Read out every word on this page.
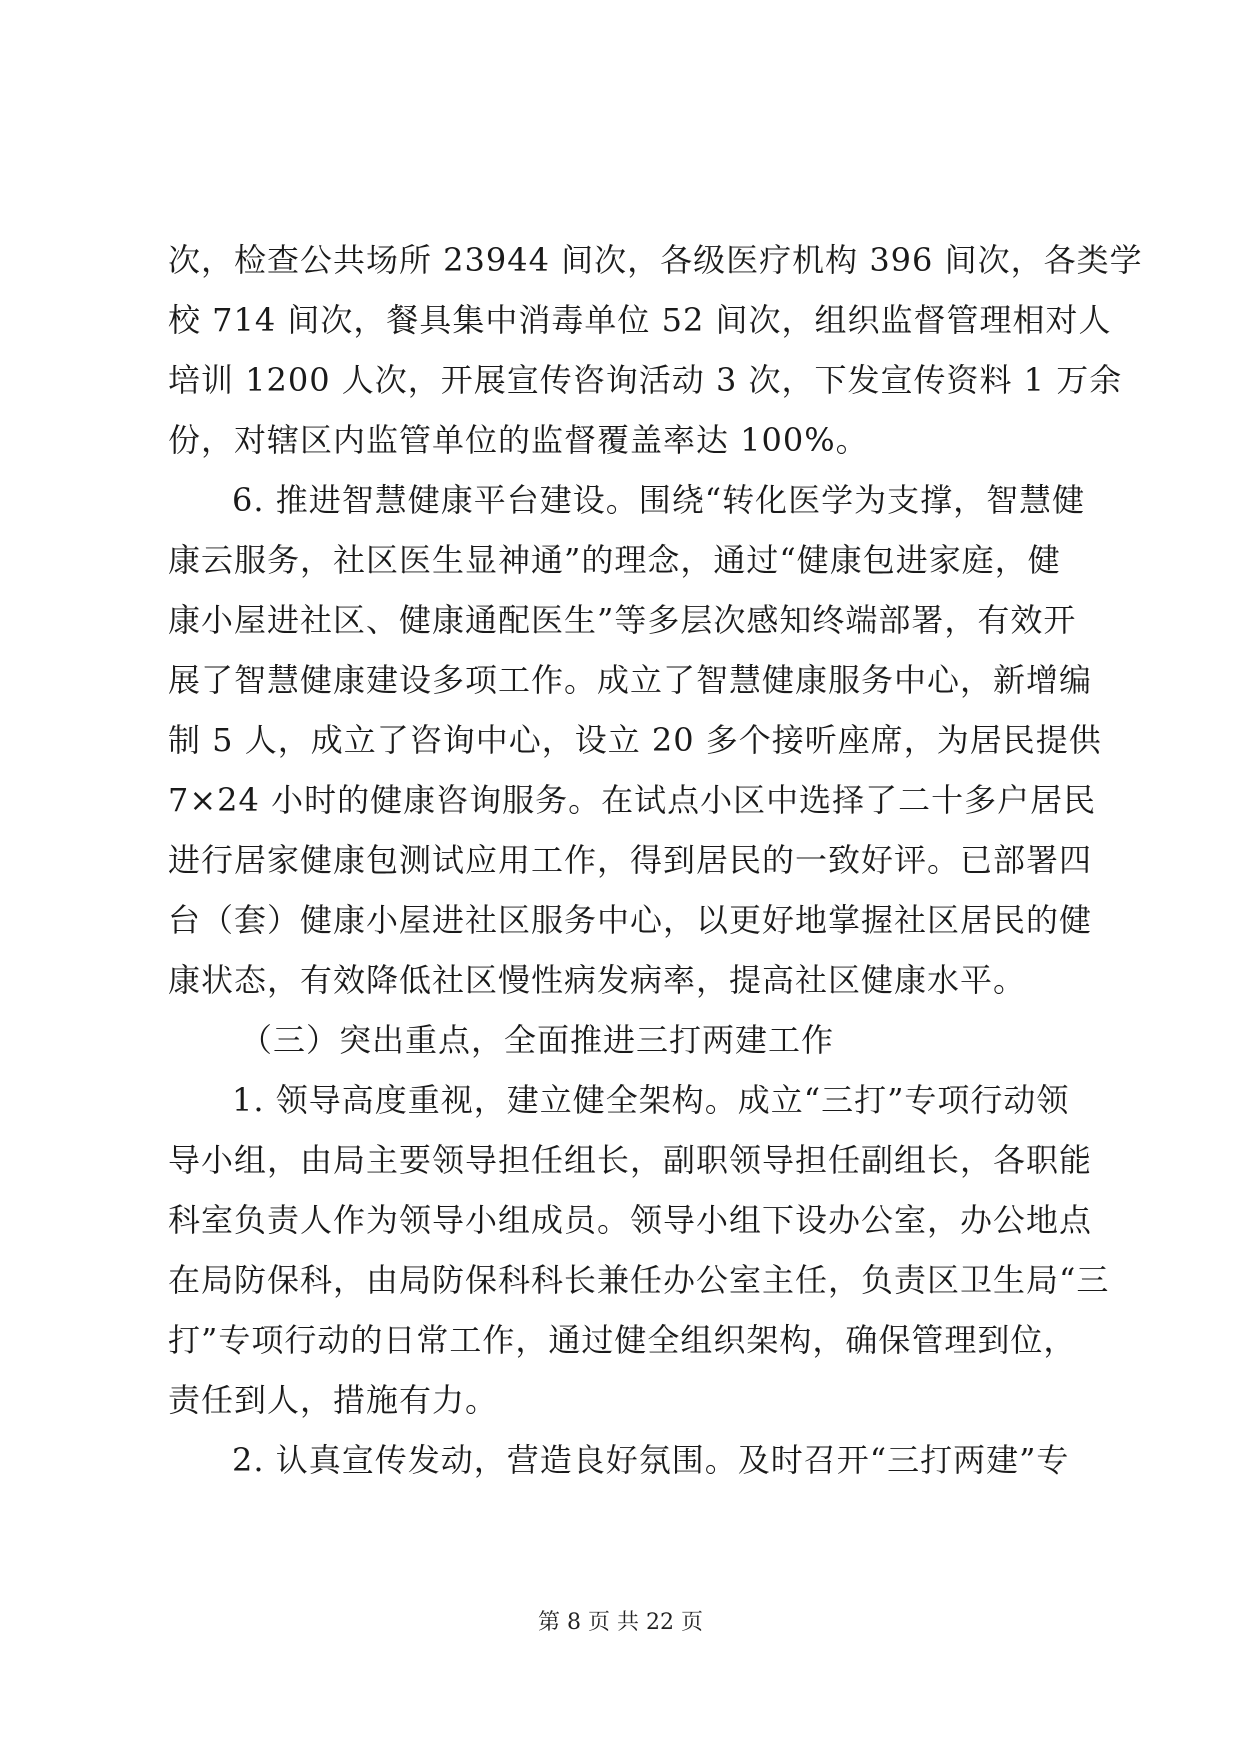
次，检查公共场所 23944 间次，各级医疗机构 396 间次，各类学
校 714 间次，餐具集中消毒单位 52 间次，组织监督管理相对人
培训 1200 人次，开展宣传咨询活动 3 次，下发宣传资料 1 万余
份，对辖区内监管单位的监督覆盖率达 100%。
6. 推进智慧健康平台建设。围绕“转化医学为支撑，智慧健
康云服务，社区医生显神通”的理念，通过“健康包进家庭，健
康小屋进社区、健康通配医生”等多层次感知终端部署，有效开
展了智慧健康建设多项工作。成立了智慧健康服务中心，新增编
制 5 人，成立了咨询中心，设立 20 多个接听座席，为居民提供
7×24 小时的健康咨询服务。在试点小区中选择了二十多户居民
进行居家健康包测试应用工作，得到居民的一致好评。已部署四
台（套）健康小屋进社区服务中心，以更好地掌握社区居民的健
康状态，有效降低社区慢性病发病率，提高社区健康水平。
（三）突出重点，全面推进三打两建工作
1. 领导高度重视，建立健全架构。成立“三打”专项行动领
导小组，由局主要领导担任组长，副职领导担任副组长，各职能
科室负责人作为领导小组成员。领导小组下设办公室，办公地点
在局防保科，由局防保科科长兼任办公室主任，负责区卫生局“三
打”专项行动的日常工作，通过健全组织架构，确保管理到位，
责任到人，措施有力。
2. 认真宣传发动，营造良好氛围。及时召开“三打两建”专
第 8 页 共 22 页
